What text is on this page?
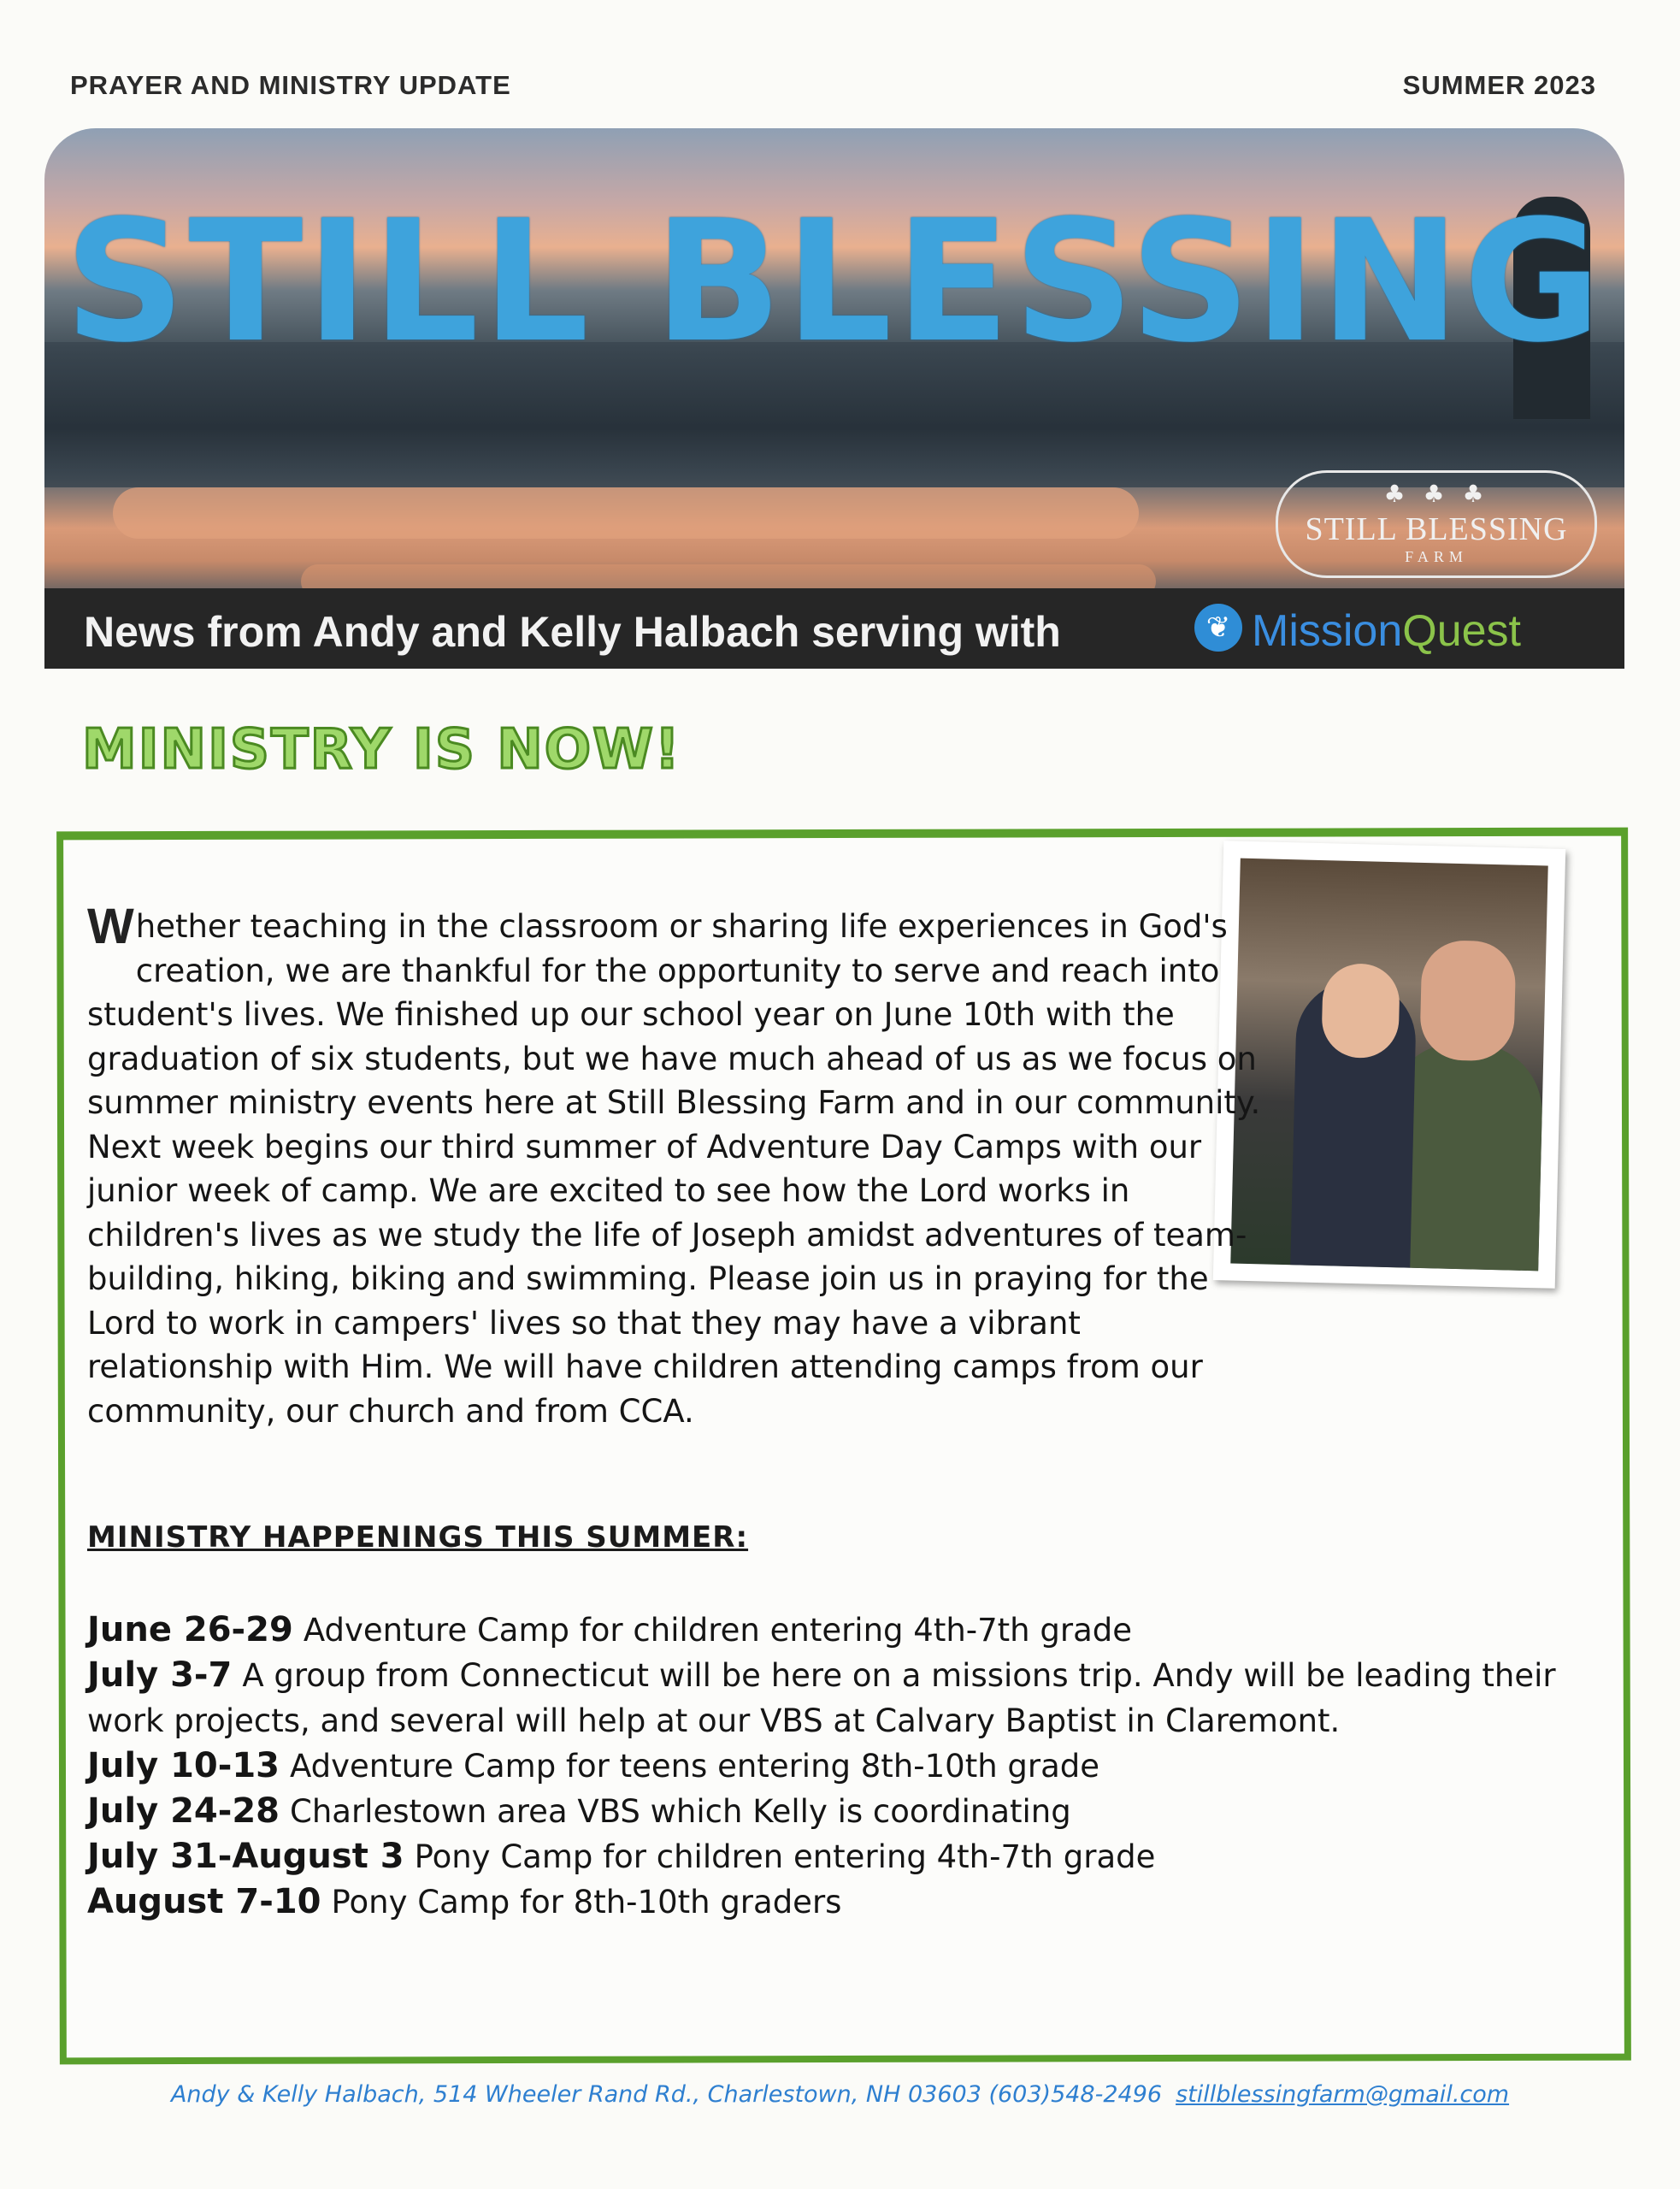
PRAYER AND MINISTRY UPDATE	SUMMER 2023
STILL BLESSING
♣ ♣ ♣
STILL BLESSING
FARM
News from Andy and Kelly Halbach serving with	❦ MissionQuest
MINISTRY IS NOW!

Whether teaching in the classroom or sharing life experiences in God's creation, we are thankful for the opportunity to serve and reach into student's lives. We finished up our school year on June 10th with the graduation of six students, but we have much ahead of us as we focus on summer ministry events here at Still Blessing Farm and in our community. Next week begins our third summer of Adventure Day Camps with our junior week of camp. We are excited to see how the Lord works in children's lives as we study the life of Joseph amidst adventures of team-building, hiking, biking and swimming. Please join us in praying for the Lord to work in campers' lives so that they may have a vibrant relationship with Him. We will have children attending camps from our community, our church and from CCA.

MINISTRY HAPPENINGS THIS SUMMER:
June 26-29 Adventure Camp for children entering 4th-7th grade
July 3-7 A group from Connecticut will be here on a missions trip. Andy will be leading their work projects, and several will help at our VBS at Calvary Baptist in Claremont.
July 10-13 Adventure Camp for teens entering 8th-10th grade
July 24-28 Charlestown area VBS which Kelly is coordinating
July 31-August 3 Pony Camp for children entering 4th-7th grade
August 7-10 Pony Camp for 8th-10th graders
Andy & Kelly Halbach, 514 Wheeler Rand Rd., Charlestown, NH 03603 (603)548-2496 stillblessingfarm@gmail.com
